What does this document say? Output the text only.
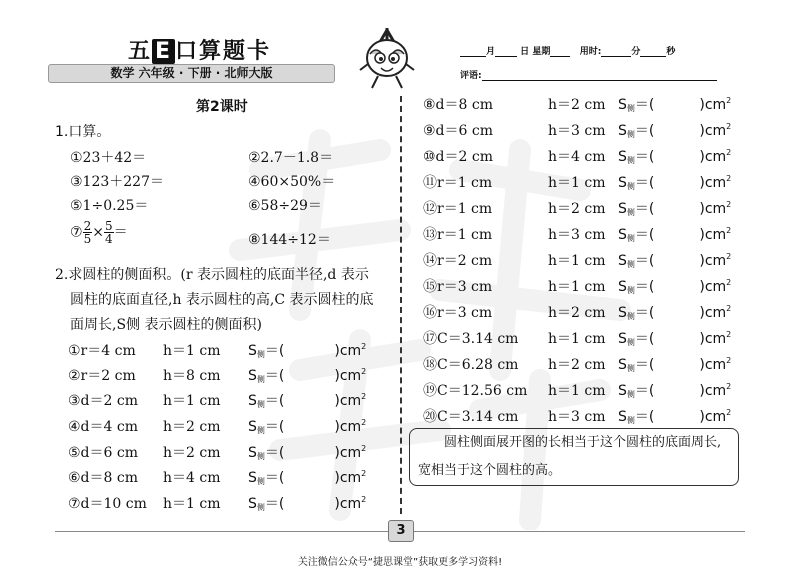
五 E 口算题卡
数学 六年级 · 下册 · 北师大版
月	日 星期	用时:	分	秒
评语:
第2课时
1.口算。
①23＋42＝	②2.7－1.8＝
③123＋227＝	④60×50%＝
⑤1÷0.25＝	⑥58÷29＝
⑦ $\frac{2}{5} \times \frac{5}{4}$ ＝	⑧144÷12＝
2.求圆柱的侧面积。(r 表示圆柱的底面半径,d 表示
圆柱的底面直径,h 表示圆柱的高,C 表示圆柱的底
面周长,S侧 表示圆柱的侧面积)
①r＝4 cm h＝1 cm $S_侧=$(	)$cm^2$
②r＝2 cm h＝8 cm $S_侧=$(	)$cm^2$
③d＝2 cm h＝1 cm $S_侧=$(	)$cm^2$
④d＝4 cm h＝2 cm $S_侧=$(	)$cm^2$
⑤d＝6 cm h＝2 cm $S_侧=$(	)$cm^2$
⑥d＝8 cm h＝4 cm $S_侧=$(	)$cm^2$
⑦d＝10 cm h＝1 cm $S_侧=$(	)$cm^2$
⑧d＝8 cm	h＝2 cm $S_侧=$(	)$cm^2$
⑨d＝6 cm	h＝3 cm $S_侧=$(	)$cm^2$
⑩d＝2 cm	h＝4 cm $S_侧=$(	)$cm^2$
⑪r＝1 cm	h＝1 cm $S_侧=$(	)$cm^2$
⑫r＝1 cm	h＝2 cm $S_侧=$(	)$cm^2$
⑬r＝1 cm	h＝3 cm $S_侧=$(	)$cm^2$
⑭r＝2 cm	h＝1 cm $S_侧=$(	)$cm^2$
⑮r＝3 cm	h＝1 cm $S_侧=$(	)$cm^2$
⑯r＝3 cm	h＝2 cm $S_侧=$(	)$cm^2$
⑰C＝3.14 cm h＝1 cm $S_侧=$(	)$cm^2$
⑱C＝6.28 cm h＝2 cm $S_侧=$(	)$cm^2$
⑲C＝12.56 cm h＝1 cm $S_侧=$(	)$cm^2$
⑳C＝3.14 cm h＝3 cm $S_侧=$(	)$cm^2$
　　圆柱侧面展开图的长相当于这个圆柱的底面周长,宽相当于这个圆柱的高。
3
关注微信公众号“捷思课堂”获取更多学习资料!
